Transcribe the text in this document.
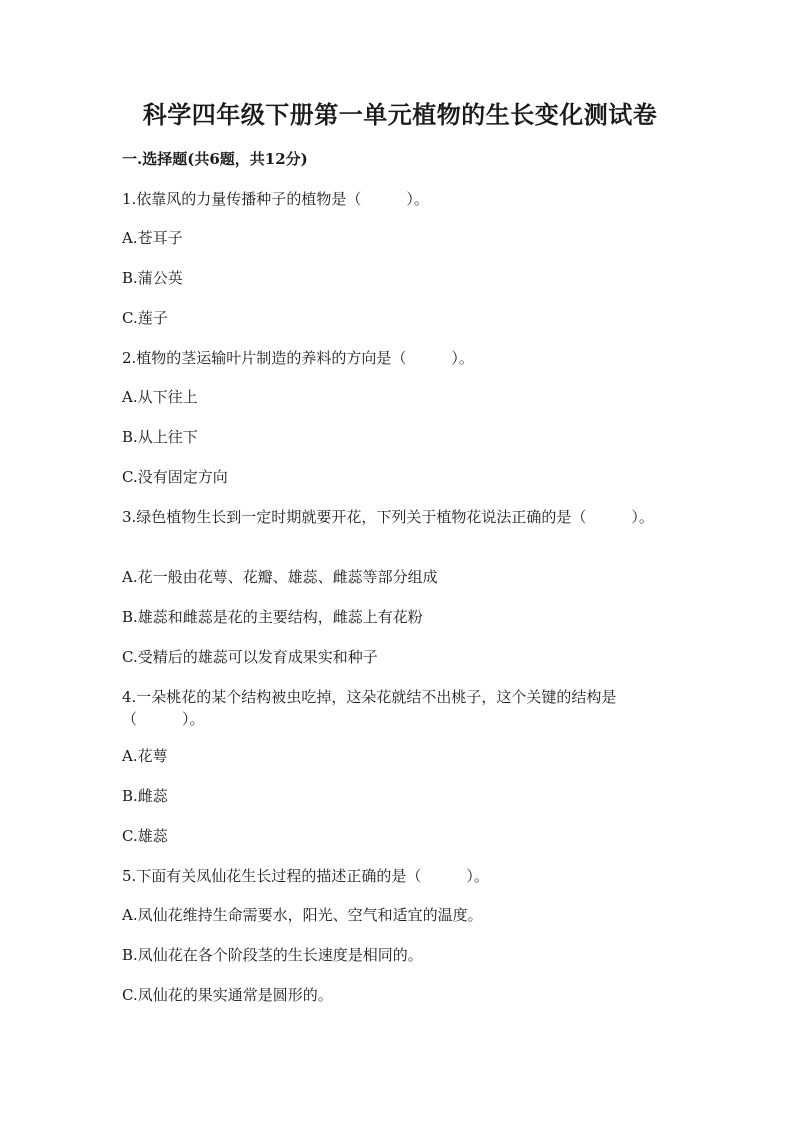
科学四年级下册第一单元植物的生长变化测试卷
一.选择题(共6题，共12分)
1.依靠风的力量传播种子的植物是（　　　）。
A.苍耳子
B.蒲公英
C.莲子
2.植物的茎运输叶片制造的养料的方向是（　　　）。
A.从下往上
B.从上往下
C.没有固定方向
3.绿色植物生长到一定时期就要开花，下列关于植物花说法正确的是（　　　）。
A.花一般由花萼、花瓣、雄蕊、雌蕊等部分组成
B.雄蕊和雌蕊是花的主要结构，雌蕊上有花粉
C.受精后的雄蕊可以发育成果实和种子
4.一朵桃花的某个结构被虫吃掉，这朵花就结不出桃子，这个关键的结构是（　　　）。
A.花萼
B.雌蕊
C.雄蕊
5.下面有关凤仙花生长过程的描述正确的是（　　　）。
A.凤仙花维持生命需要水，阳光、空气和适宜的温度。
B.凤仙花在各个阶段茎的生长速度是相同的。
C.凤仙花的果实通常是圆形的。
